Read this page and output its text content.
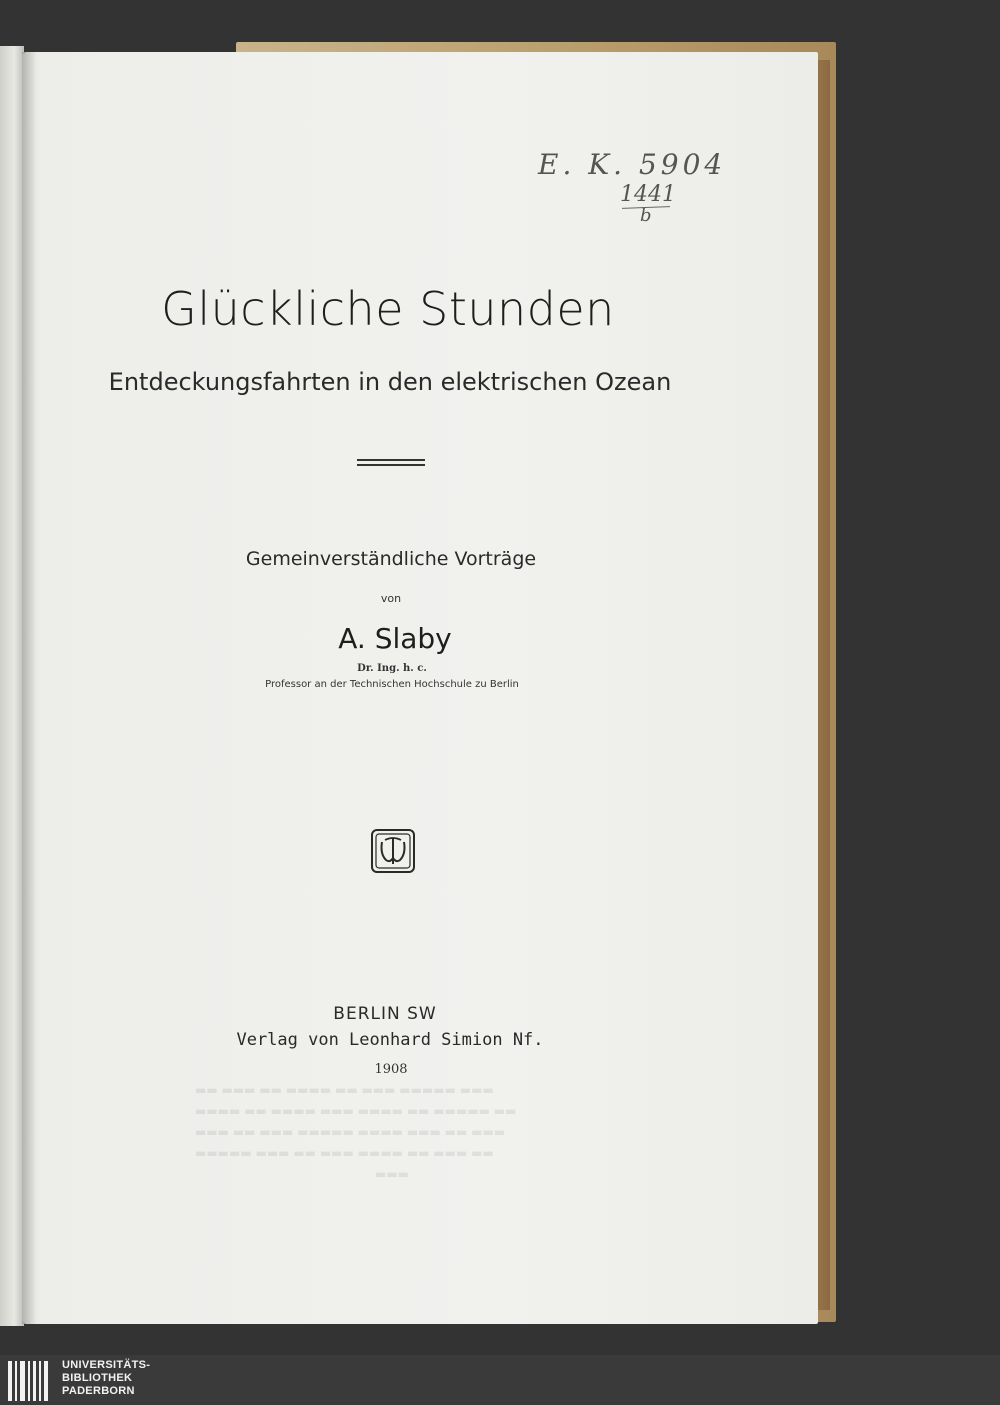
E. K. 5904
1441
b
Glückliche Stunden
Entdeckungsfahrten in den elektrischen Ozean
Gemeinverständliche Vorträge
von
A. Slaby
Dr. Ing. h. c.
Professor an der Technischen Hochschule zu Berlin
BERLIN SW
Verlag von Leonhard Simion Nf.
1908
▬▬ ▬▬▬ ▬▬ ▬▬▬▬ ▬▬ ▬▬▬ ▬▬▬▬▬ ▬▬▬
▬▬▬▬ ▬▬ ▬▬▬▬ ▬▬▬ ▬▬▬▬ ▬▬ ▬▬▬▬▬ ▬▬
▬▬▬ ▬▬ ▬▬▬ ▬▬▬▬▬ ▬▬▬▬ ▬▬▬ ▬▬ ▬▬▬
▬▬▬▬▬ ▬▬▬ ▬▬ ▬▬▬ ▬▬▬▬ ▬▬ ▬▬▬ ▬▬
▬▬▬
UNIVERSITÄTS-
BIBLIOTHEK
PADERBORN
